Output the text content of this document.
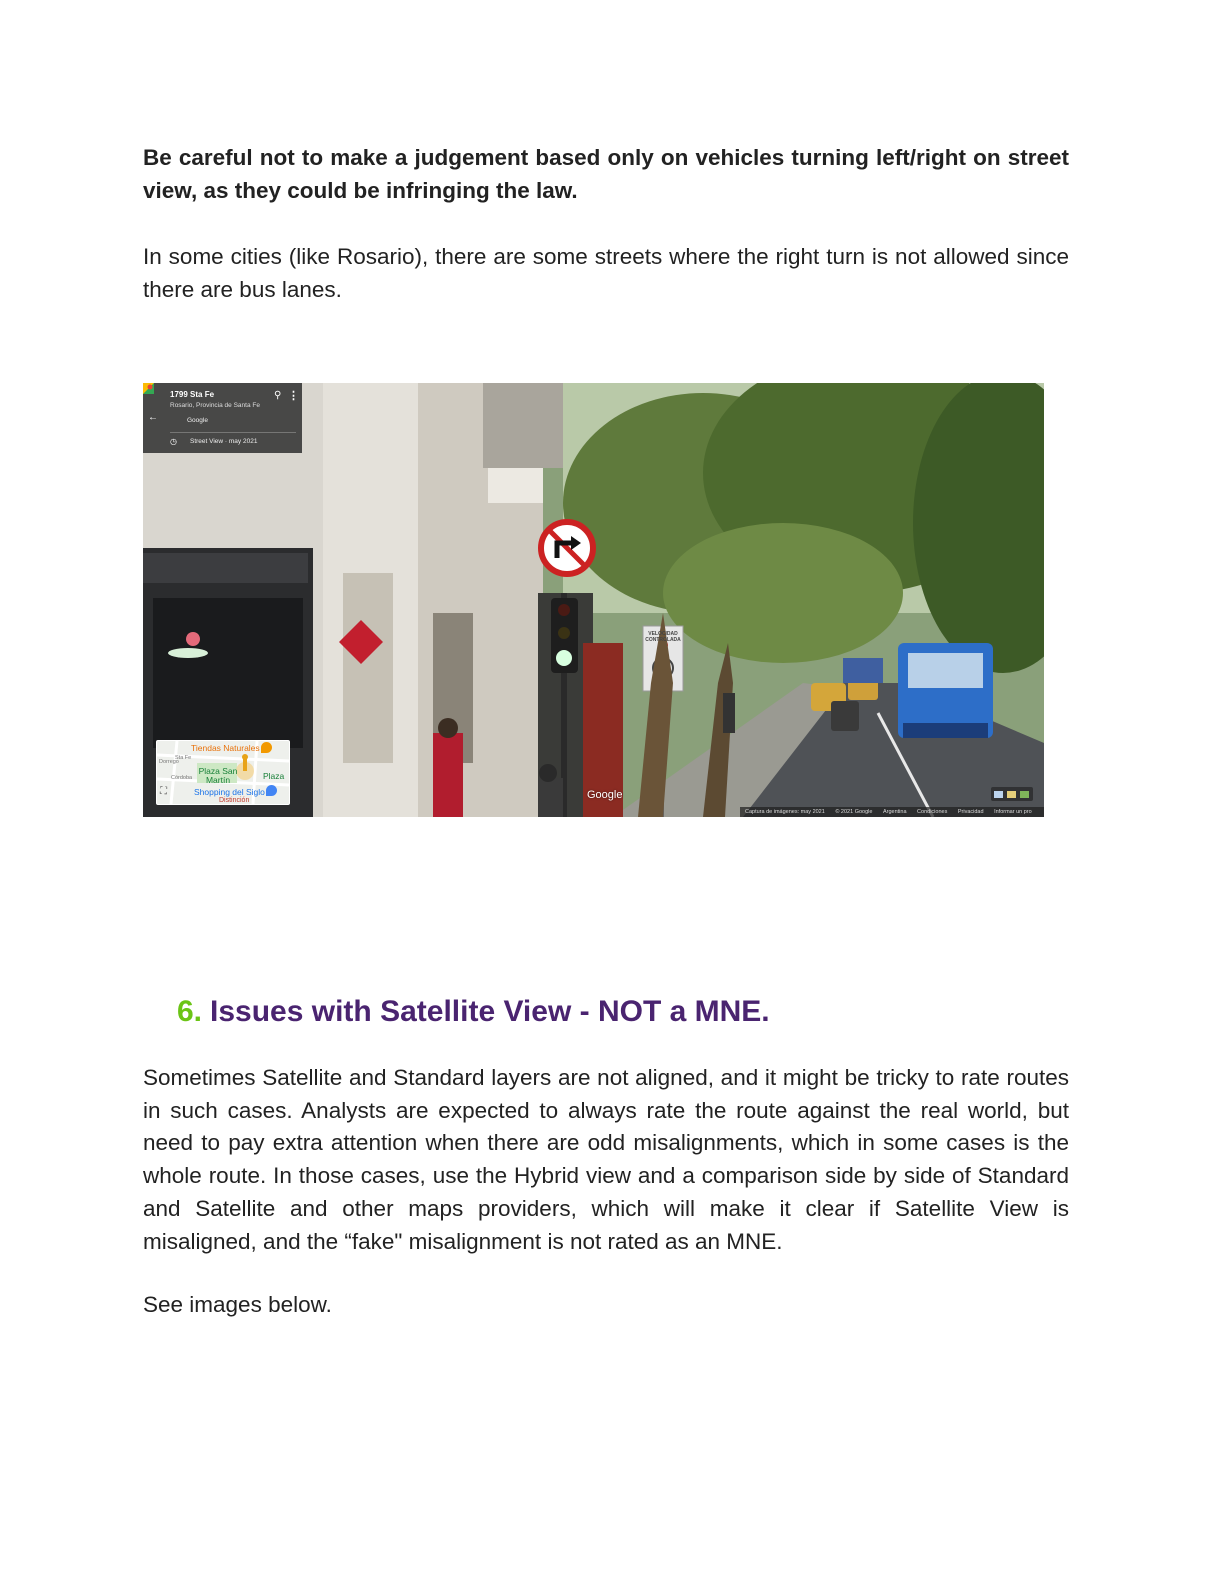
Be careful not to make a judgement based only on vehicles turning left/right on street view, as they could be infringing the law.

In some cities (like Rosario), there are some streets where the right turn is not allowed since there are bus lanes.

←
1799 Sta Fe
Rosario, Provincia de Santa Fe
Google
⚲ ⋮
◷ Street View · may 2021
Tiendas Naturales
Sta Fe
Córdoba
Dorrego
Plaza San Martín	Plaza
Shopping del Siglo
⛶
Distinción	Google
VELOCIDAD CONTROLADA
Captura de imágenes: may 2021 © 2021 Google Argentina Condiciones Privacidad Informar un pro
6. Issues with Satellite View - NOT a MNE.

Sometimes Satellite and Standard layers are not aligned, and it might be tricky to rate routes in such cases. Analysts are expected to always rate the route against the real world, but need to pay extra attention when there are odd misalignments, which in some cases is the whole route. In those cases, use the Hybrid view and a comparison side by side of Standard and Satellite and other maps providers, which will make it clear if Satellite View is misaligned, and the “fake" misalignment is not rated as an MNE.

See images below.
